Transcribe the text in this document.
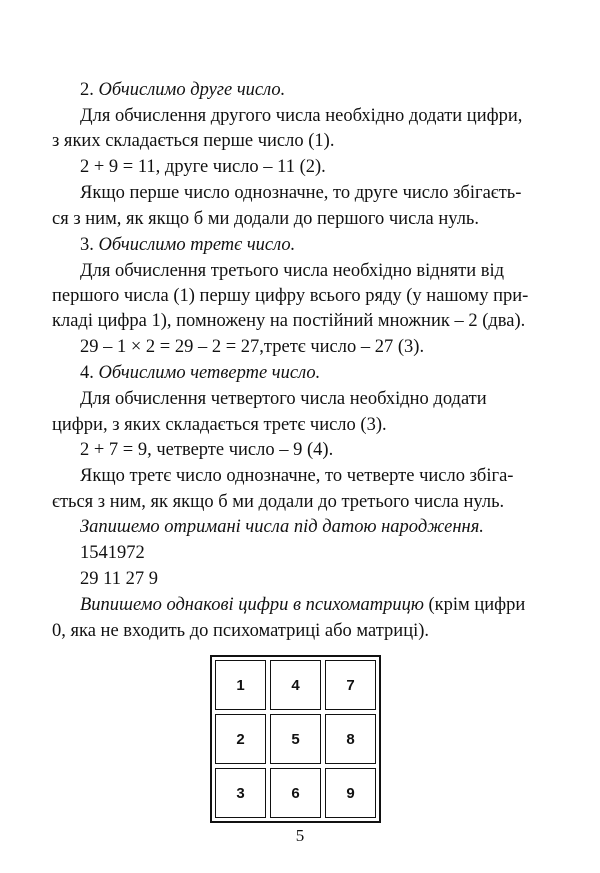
2. Обчислимо друге число.

Для обчислення другого числа необхідно додати цифри,

з яких складається перше число (1).

2 + 9 = 11, друге число – 11 (2).

Якщо перше число однозначне, то друге число збігаєть-

ся з ним, як якщо б ми додали до першого числа нуль.

3. Обчислимо третє число.

Для обчислення третього числа необхідно відняти від

першого числа (1) першу цифру всього ряду (у нашому при-

кладі цифра 1), помножену на постійний множник – 2 (два).

29 – 1 × 2 = 29 – 2 = 27,третє число – 27 (3).

4. Обчислимо четверте число.

Для обчислення четвертого числа необхідно додати

цифри, з яких складається третє число (3).

2 + 7 = 9, четверте число – 9 (4).

Якщо третє число однозначне, то четверте число збіга-

ється з ним, як якщо б ми додали до третього числа нуль.

Запишемо отримані числа під датою народження.

1541972

29 11 27 9

Випишемо однакові цифри в психоматрицю (крім цифри

0, яка не входить до психоматриці або матриці).

1	4	7
2	5	8
3	6	9
5
